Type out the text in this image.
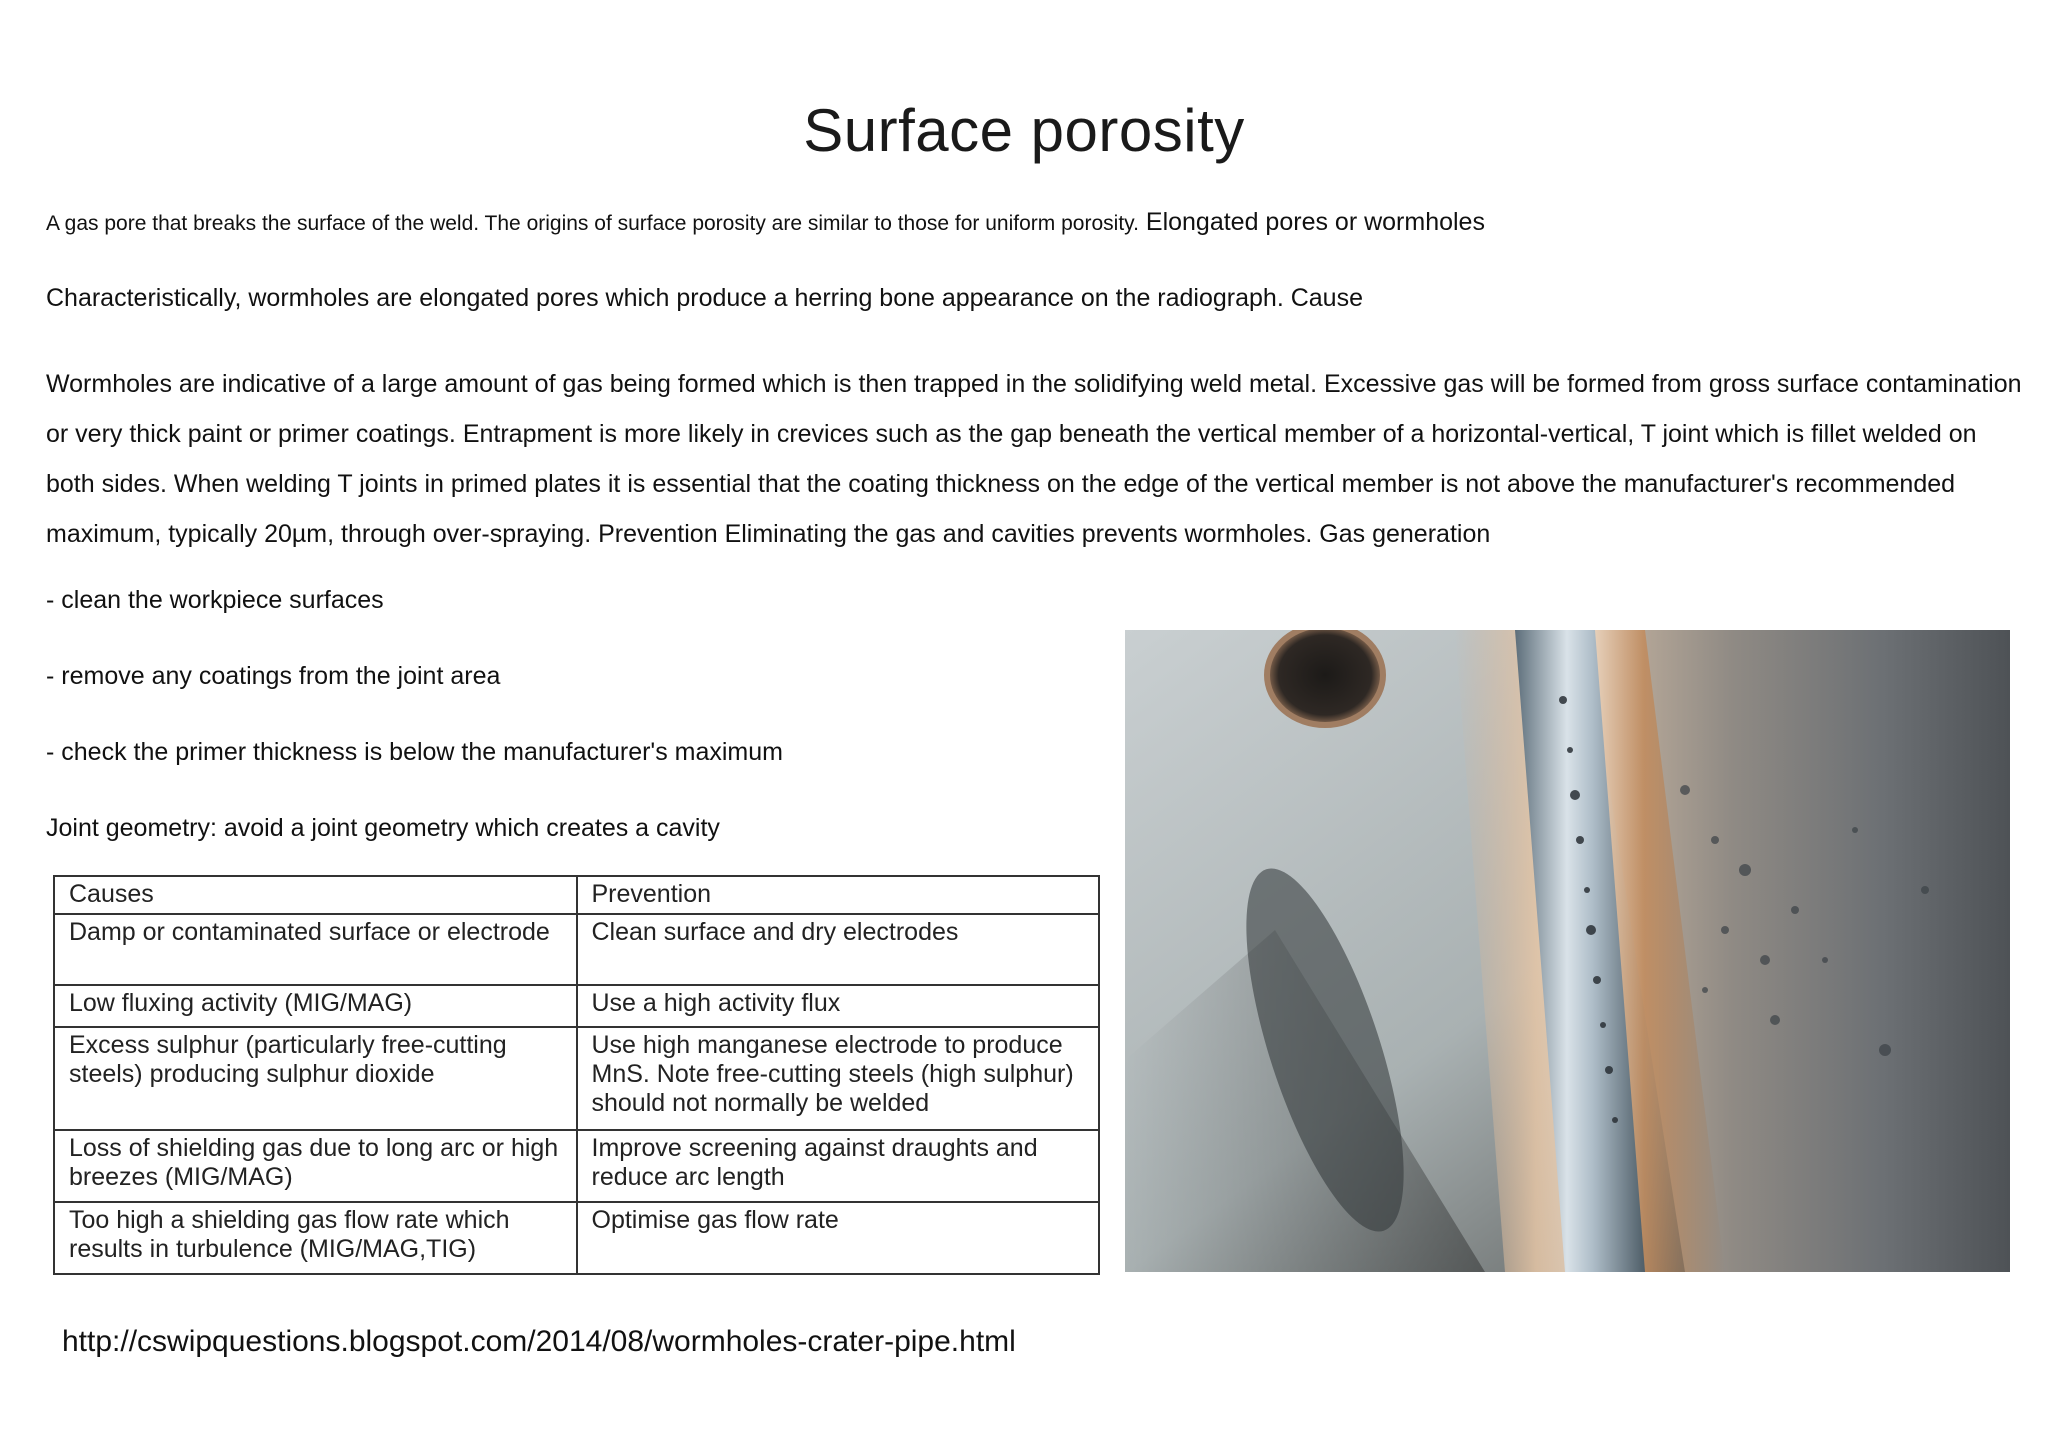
Surface porosity

A gas pore that breaks the surface of the weld. The origins of surface porosity are similar to those for uniform porosity. Elongated pores or wormholes

Characteristically, wormholes are elongated pores which produce a herring bone appearance on the radiograph. Cause

Wormholes are indicative of a large amount of gas being formed which is then trapped in the solidifying weld metal. Excessive gas will be formed from gross surface contamination or very thick paint or primer coatings. Entrapment is more likely in crevices such as the gap beneath the vertical member of a horizontal-vertical, T joint which is fillet welded on both sides. When welding T joints in primed plates it is essential that the coating thickness on the edge of the vertical member is not above the manufacturer's recommended maximum, typically 20µm, through over-spraying. Prevention Eliminating the gas and cavities prevents wormholes. Gas generation

- clean the workpiece surfaces

- remove any coatings from the joint area

- check the primer thickness is below the manufacturer's maximum

Joint geometry: avoid a joint geometry which creates a cavity

Causes	Prevention
Damp or contaminated surface or electrode	Clean surface and dry electrodes
Low fluxing activity (MIG/MAG)	Use a high activity flux
Excess sulphur (particularly free-cutting steels) producing sulphur dioxide	Use high manganese electrode to produce MnS. Note free-cutting steels (high sulphur) should not normally be welded
Loss of shielding gas due to long arc or high breezes (MIG/MAG)	Improve screening against draughts and reduce arc length
Too high a shielding gas flow rate which results in turbulence (MIG/MAG,TIG)	Optimise gas flow rate

http://cswipquestions.blogspot.com/2014/08/wormholes-crater-pipe.html
